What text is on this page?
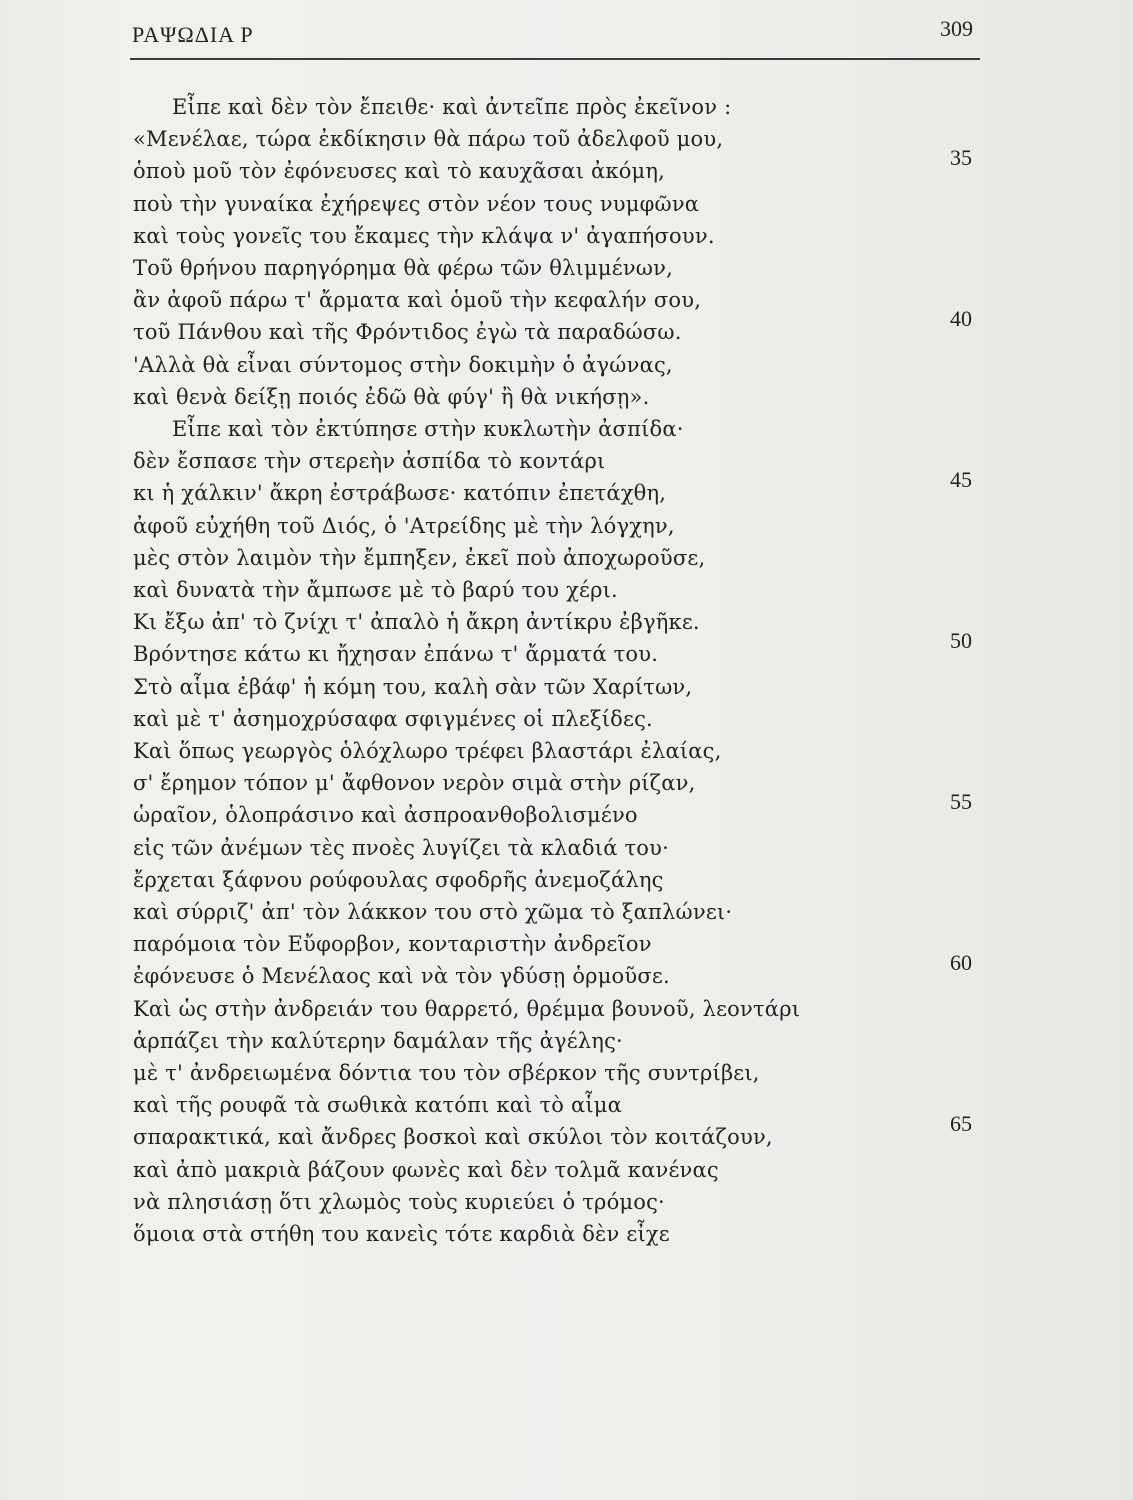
ΡΑΨΩΔΙΑ Ρ	309
Εἶπε καὶ δὲν τὸν ἔπειθε· καὶ ἀντεῖπε πρὸς ἐκεῖνον :
«Μενέλαε, τώρα ἐκδίκησιν θὰ πάρω τοῦ ἀδελφοῦ μου,
ὁποὺ μοῦ τὸν ἐφόνευσες καὶ τὸ καυχᾶσαι ἀκόμη,
35
ποὺ τὴν γυναίκα ἐχήρεψες στὸν νέον τους νυμφῶνα
καὶ τοὺς γονεῖς του ἔκαμες τὴν κλάψα ν' ἀγαπήσουν.
Τοῦ θρήνου παρηγόρημα θὰ φέρω τῶν θλιμμένων,
ἂν ἀφοῦ πάρω τ' ἄρματα καὶ ὁμοῦ τὴν κεφαλήν σου,
τοῦ Πάνθου καὶ τῆς Φρόντιδος ἐγὼ τὰ παραδώσω.
40
'Αλλὰ θὰ εἶναι σύντομος στὴν δοκιμὴν ὁ ἀγώνας,
καὶ θενὰ δείξῃ ποιός ἐδῶ θὰ φύγ' ἢ θὰ νικήσῃ».
Εἶπε καὶ τὸν ἐκτύπησε στὴν κυκλωτὴν ἀσπίδα·
δὲν ἔσπασε τὴν στερεὴν ἀσπίδα τὸ κοντάρι
κι ἡ χάλκιν' ἄκρη ἐστράβωσε· κατόπιν ἐπετάχθη,
45
ἀφοῦ εὐχήθη τοῦ Διός, ὁ 'Ατρείδης μὲ τὴν λόγχην,
μὲς στὸν λαιμὸν τὴν ἔμπηξεν, ἐκεῖ ποὺ ἀποχωροῦσε,
καὶ δυνατὰ τὴν ἄμπωσε μὲ τὸ βαρύ του χέρι.
Κι ἔξω ἀπ' τὸ ζνίχι τ' ἀπαλὸ ἡ ἄκρη ἀντίκρυ ἐβγῆκε.
Βρόντησε κάτω κι ἤχησαν ἐπάνω τ' ἄρματά του.
50
Στὸ αἷμα ἐβάφ' ἡ κόμη του, καλὴ σὰν τῶν Χαρίτων,
καὶ μὲ τ' ἀσημοχρύσαφα σφιγμένες οἱ πλεξίδες.
Καὶ ὅπως γεωργὸς ὁλόχλωρο τρέφει βλαστάρι ἐλαίας,
σ' ἔρημον τόπον μ' ἄφθονον νερὸν σιμὰ στὴν ρίζαν,
ὡραῖον, ὁλοπράσινο καὶ ἀσπροανθοβολισμένο
55
εἰς τῶν ἀνέμων τὲς πνοὲς λυγίζει τὰ κλαδιά του·
ἔρχεται ξάφνου ρούφουλας σφοδρῆς ἀνεμοζάλης
καὶ σύρριζ' ἀπ' τὸν λάκκον του στὸ χῶμα τὸ ξαπλώνει·
παρόμοια τὸν Εὔφορβον, κονταριστὴν ἀνδρεῖον
ἐφόνευσε ὁ Μενέλαος καὶ νὰ τὸν γδύσῃ ὁρμοῦσε.
60
Καὶ ὡς στὴν ἀνδρειάν του θαρρετό, θρέμμα βουνοῦ, λεοντάρι
ἁρπάζει τὴν καλύτερην δαμάλαν τῆς ἀγέλης·
μὲ τ' ἀνδρειωμένα δόντια του τὸν σβέρκον τῆς συντρίβει,
καὶ τῆς ρουφᾶ τὰ σωθικὰ κατόπι καὶ τὸ αἷμα
σπαρακτικά, καὶ ἄνδρες βοσκοὶ καὶ σκύλοι τὸν κοιτάζουν,
65
καὶ ἀπὸ μακριὰ βάζουν φωνὲς καὶ δὲν τολμᾶ κανένας
νὰ πλησιάσῃ ὅτι χλωμὸς τοὺς κυριεύει ὁ τρόμος·
ὅμοια στὰ στήθη του κανεὶς τότε καρδιὰ δὲν εἶχε
